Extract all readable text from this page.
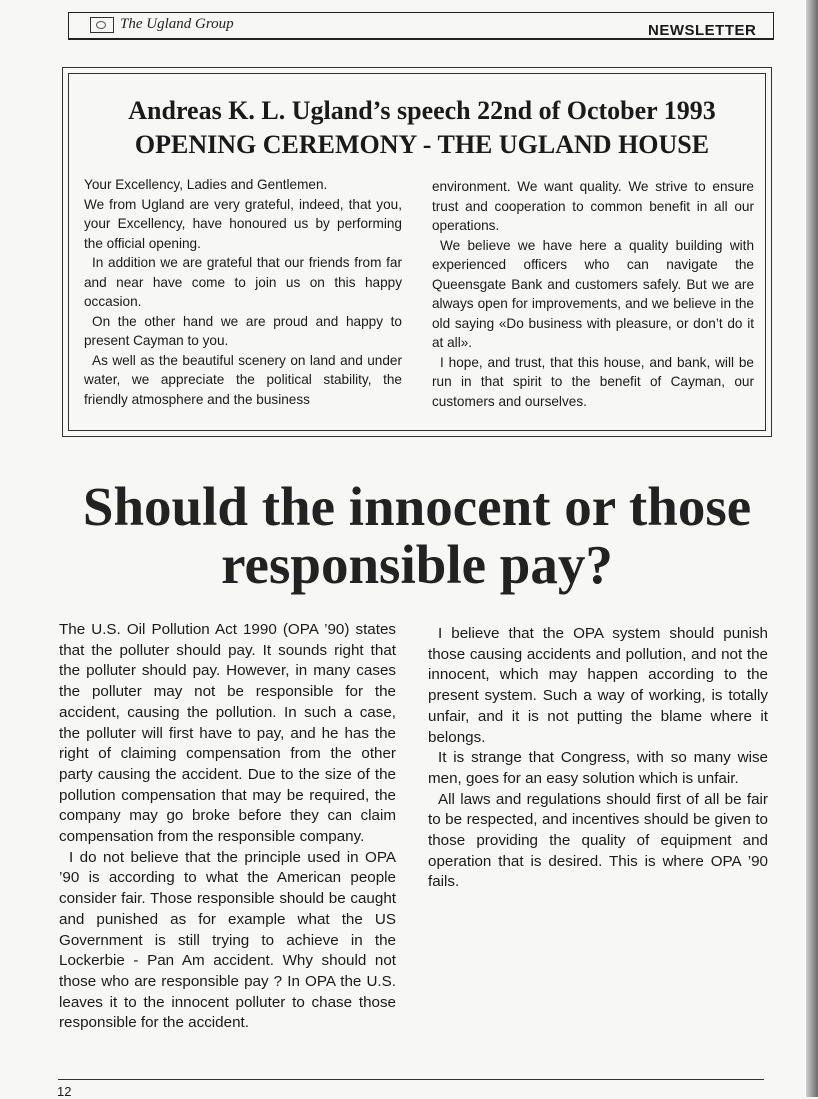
The Ugland Group	NEWSLETTER
Andreas K. L. Ugland’s speech 22nd of October 1993
OPENING CEREMONY - THE UGLAND HOUSE

Your Excellency, Ladies and Gentlemen.

We from Ugland are very grateful, indeed, that you, your Excellency, have honoured us by performing the official opening.

In addition we are grateful that our friends from far and near have come to join us on this happy occasion.

On the other hand we are proud and happy to present Cayman to you.

As well as the beautiful scenery on land and under water, we appreciate the political stability, the friendly atmosphere and the business

environment. We want quality. We strive to ensure trust and cooperation to common benefit in all our operations.

We believe we have here a quality building with experienced officers who can navigate the Queensgate Bank and customers safely. But we are always open for improvements, and we believe in the old saying «Do business with pleasure, or don’t do it at all».

I hope, and trust, that this house, and bank, will be run in that spirit to the benefit of Cayman, our customers and ourselves.

Should the innocent or those
responsible pay?

The U.S. Oil Pollution Act 1990 (OPA ’90) states that the polluter should pay. It sounds right that the polluter should pay. However, in many cases the polluter may not be responsible for the accident, causing the pollution. In such a case, the polluter will first have to pay, and he has the right of claiming compensation from the other party causing the accident. Due to the size of the pollution compensation that may be required, the company may go broke before they can claim compensation from the responsible company.

I do not believe that the principle used in OPA ’90 is according to what the American people consider fair. Those responsible should be caught and punished as for example what the US Government is still trying to achieve in the Lockerbie - Pan Am accident. Why should not those who are responsible pay ? In OPA the U.S. leaves it to the innocent polluter to chase those responsible for the accident.

I believe that the OPA system should punish those causing accidents and pollution, and not the innocent, which may happen according to the present system. Such a way of working, is totally unfair, and it is not putting the blame where it belongs.

It is strange that Congress, with so many wise men, goes for an easy solution which is unfair.

All laws and regulations should first of all be fair to be respected, and incentives should be given to those providing the quality of equipment and operation that is desired. This is where OPA ’90 fails.

12
